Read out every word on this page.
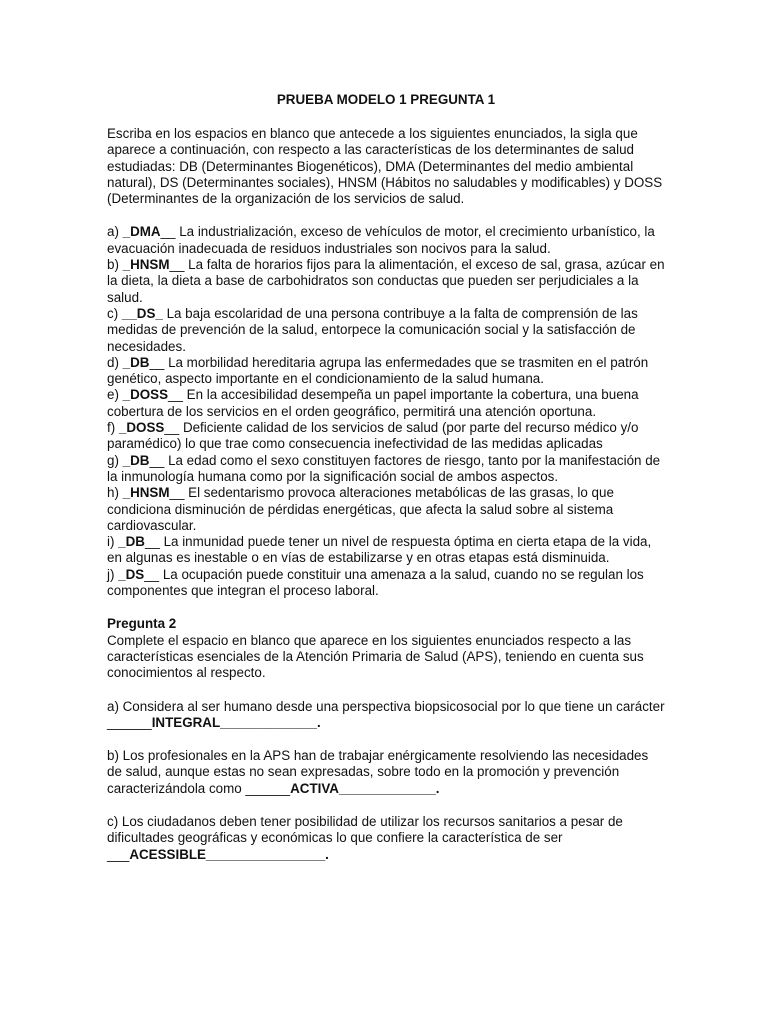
PRUEBA MODELO 1 PREGUNTA 1

Escriba en los espacios en blanco que antecede a los siguientes enunciados, la sigla que aparece a continuación, con respecto a las características de los determinantes de salud estudiadas: DB (Determinantes Biogenéticos), DMA (Determinantes del medio ambiental natural), DS (Determinantes sociales), HNSM (Hábitos no saludables y modificables) y DOSS (Determinantes de la organización de los servicios de salud.

a) _DMA__ La industrialización, exceso de vehículos de motor, el crecimiento urbanístico, la evacuación inadecuada de residuos industriales son nocivos para la salud.

b) _HNSM__ La falta de horarios fijos para la alimentación, el exceso de sal, grasa, azúcar en la dieta, la dieta a base de carbohidratos son conductas que pueden ser perjudiciales a la salud.

c) __DS_ La baja escolaridad de una persona contribuye a la falta de comprensión de las medidas de prevención de la salud, entorpece la comunicación social y la satisfacción de necesidades.

d) _DB__ La morbilidad hereditaria agrupa las enfermedades que se trasmiten en el patrón genético, aspecto importante en el condicionamiento de la salud humana.

e) _DOSS__ En la accesibilidad desempeña un papel importante la cobertura, una buena cobertura de los servicios en el orden geográfico, permitirá una atención oportuna.

f) _DOSS__ Deficiente calidad de los servicios de salud (por parte del recurso médico y/o paramédico) lo que trae como consecuencia inefectividad de las medidas aplicadas

g) _DB__ La edad como el sexo constituyen factores de riesgo, tanto por la manifestación de la inmunología humana como por la significación social de ambos aspectos.

h) _HNSM__ El sedentarismo provoca alteraciones metabólicas de las grasas, lo que condiciona disminución de pérdidas energéticas, que afecta la salud sobre al sistema cardiovascular.

i) _DB__ La inmunidad puede tener un nivel de respuesta óptima en cierta etapa de la vida, en algunas es inestable o en vías de estabilizarse y en otras etapas está disminuida.

j) _DS__ La ocupación puede constituir una amenaza a la salud, cuando no se regulan los componentes que integran el proceso laboral.

Pregunta 2

Complete el espacio en blanco que aparece en los siguientes enunciados respecto a las características esenciales de la Atención Primaria de Salud (APS), teniendo en cuenta sus conocimientos al respecto.

a) Considera al ser humano desde una perspectiva biopsicosocial por lo que tiene un carácter ______INTEGRAL_____________.

b) Los profesionales en la APS han de trabajar enérgicamente resolviendo las necesidades de salud, aunque estas no sean expresadas, sobre todo en la promoción y prevención caracterizándola como ______ACTIVA_____________.

c) Los ciudadanos deben tener posibilidad de utilizar los recursos sanitarios a pesar de dificultades geográficas y económicas lo que confiere la característica de ser ___ACESSIBLE________________.
